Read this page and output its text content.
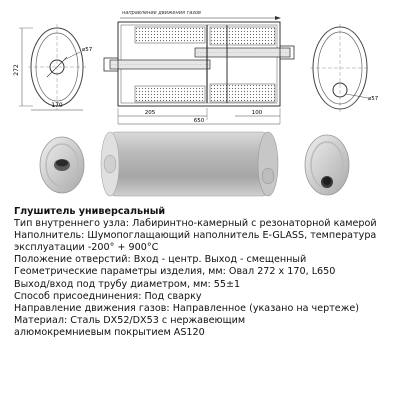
272
170
⌀57
направление движения газов
205	100
650
⌀57
Глушитель универсальный
Тип внутреннего узла: Лабиринтно-камерный с резонаторной камерой
Наполнитель: Шумопоглащающий наполнитель E-GLASS, температура
эксплуатации -200° + 900°C
Положение отверстий: Вход - центр. Выход - смещенный
Геометрические параметры изделия, мм: Овал 272 х 170, L650
Выход/вход под трубу диаметром, мм: 55±1
Способ присоеднинения: Под сварку
Направление движения газов: Направленное (указано на чертеже)
Материал: Сталь DX52/DX53 с нержавеющим
алюмокремниевым покрытием AS120
